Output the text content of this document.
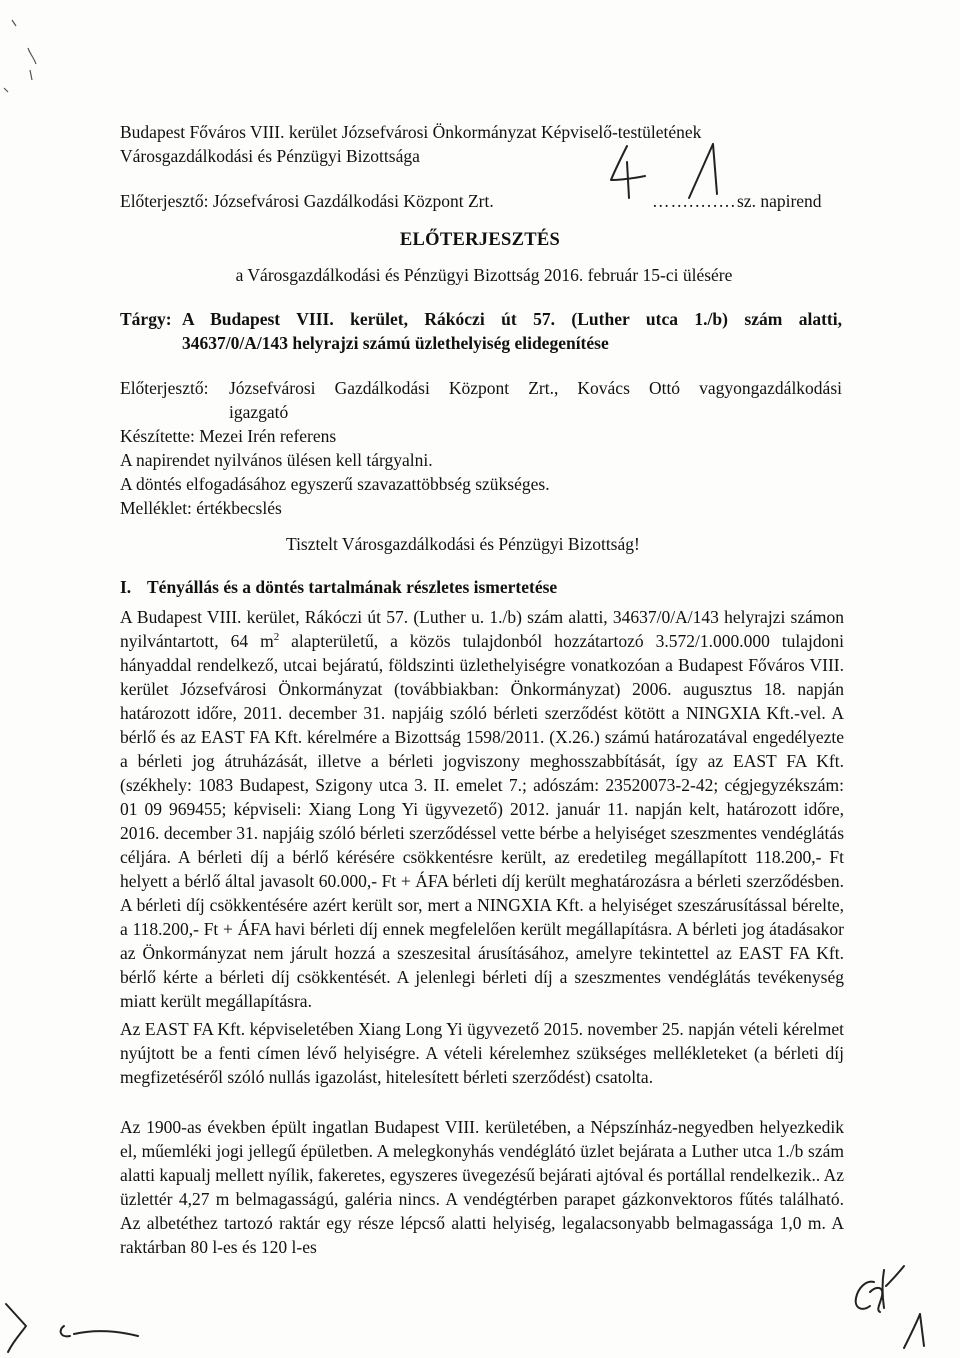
Budapest Főváros VIII. kerület Józsefvárosi Önkormányzat Képviselő-testületének
Városgazdálkodási és Pénzügyi Bizottsága
Előterjesztő: Józsefvárosi Gazdálkodási Központ Zrt.	…….….… sz. napirend
ELŐTERJESZTÉS
a Városgazdálkodási és Pénzügyi Bizottság 2016. február 15-ci ülésére
Tárgy: A Budapest VIII. kerület, Rákóczi út 57. (Luther utca 1./b) szám alatti,
34637/0/A/143 helyrajzi számú üzlethelyiség elidegenítése
Előterjesztő: Józsefvárosi Gazdálkodási Központ Zrt., Kovács Ottó vagyongazdálkodási
igazgató
Készítette: Mezei Irén referens
A napirendet nyilvános ülésen kell tárgyalni.
A döntés elfogadásához egyszerű szavazattöbbség szükséges.
Melléklet: értékbecslés
Tisztelt Városgazdálkodási és Pénzügyi Bizottság!
I. Tényállás és a döntés tartalmának részletes ismertetése
A Budapest VIII. kerület, Rákóczi út 57. (Luther u. 1./b) szám alatti, 34637/0/A/143 helyrajzi számon nyilvántartott, 64 $m^2$ alapterületű, a közös tulajdonból hozzátartozó 3.572/1.000.000 tulajdoni hányaddal rendelkező, utcai bejáratú, földszinti üzlethelyiségre vonatkozóan a Budapest Főváros VIII. kerület Józsefvárosi Önkormányzat (továbbiakban: Önkormányzat) 2006. augusztus 18. napján határozott időre, 2011. december 31. napjáig szóló bérleti szerződést kötött a NINGXIA Kft.-vel. A bérlő és az EAST FA Kft. kérelmére a Bizottság 1598/2011. (X.26.) számú határozatával engedélyezte a bérleti jog átruházását, illetve a bérleti jogviszony meghosszabbítását, így az EAST FA Kft. (székhely: 1083 Budapest, Szigony utca 3. II. emelet 7.; adószám: 23520073-2-42; cégjegyzékszám: 01 09 969455; képviseli: Xiang Long Yi ügyvezető) 2012. január 11. napján kelt, határozott időre, 2016. december 31. napjáig szóló bérleti szerződéssel vette bérbe a helyiséget szeszmentes vendéglátás céljára. A bérleti díj a bérlő kérésére csökkentésre került, az eredetileg megállapított 118.200,- Ft helyett a bérlő által javasolt 60.000,- Ft + ÁFA bérleti díj került meghatározásra a bérleti szerződésben. A bérleti díj csökkentésére azért került sor, mert a NINGXIA Kft. a helyiséget szeszárusítással bérelte, a 118.200,- Ft + ÁFA havi bérleti díj ennek megfelelően került megállapításra. A bérleti jog átadásakor az Önkormányzat nem járult hozzá a szeszesital árusításához, amelyre tekintettel az EAST FA Kft. bérlő kérte a bérleti díj csökkentését. A jelenlegi bérleti díj a szeszmentes vendéglátás tevékenység miatt került megállapításra.
Az EAST FA Kft. képviseletében Xiang Long Yi ügyvezető 2015. november 25. napján vételi kérelmet nyújtott be a fenti címen lévő helyiségre. A vételi kérelemhez szükséges mellékleteket (a bérleti díj megfizetéséről szóló nullás igazolást, hitelesített bérleti szerződést) csatolta.
Az 1900-as években épült ingatlan Budapest VIII. kerületében, a Népszínház-negyedben helyezkedik el, műemléki jogi jellegű épületben. A melegkonyhás vendéglátó üzlet bejárata a Luther utca 1./b szám alatti kapualj mellett nyílik, fakeretes, egyszeres üvegezésű bejárati ajtóval és portállal rendelkezik.. Az üzlettér 4,27 m belmagasságú, galéria nincs. A vendégtérben parapet gázkonvektoros fűtés található. Az albetéthez tartozó raktár egy része lépcső alatti helyiség, legalacsonyabb belmagassága 1,0 m. A raktárban 80 l-es és 120 l-es
